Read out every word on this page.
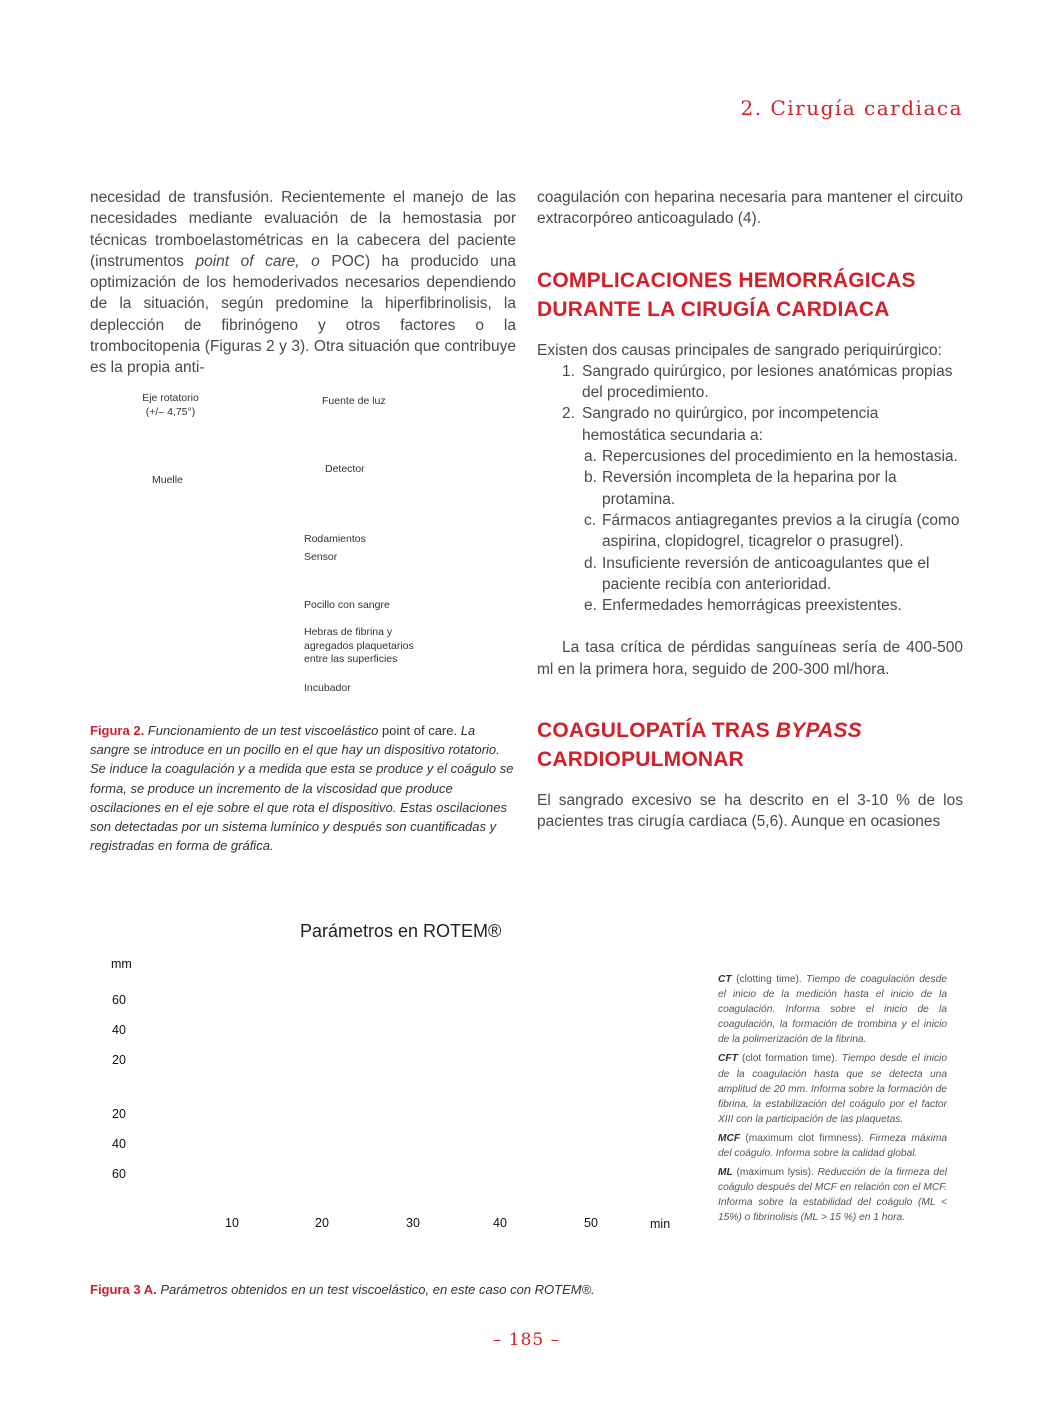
2. Cirugía cardiaca

necesidad de transfusión. Recientemente el manejo de las necesidades mediante evaluación de la hemostasia por técnicas tromboelastométricas en la cabecera del paciente (instrumentos point of care, o POC) ha producido una optimización de los hemoderivados necesarios dependiendo de la situación, según predomine la hiperfibrinolisis, la deplección de fibrinógeno y otros factores o la trombocitopenia (Figuras 2 y 3). Otra situación que contribuye es la propia anti-

Eje rotatorio
(+/– 4,75°)
Fuente de luz
Muelle
Detector
Rodamientos
Sensor
Pocillo con sangre
Hebras de fibrina y
agregados plaquetarios
entre las superficies
Incubador
Figura 2. Funcionamiento de un test viscoelástico point of care. La sangre se introduce en un pocillo en el que hay un dispositivo rotatorio. Se induce la coagulación y a medida que esta se produce y el coágulo se forma, se produce un incremento de la viscosidad que produce oscilaciones en el eje sobre el que rota el dispositivo. Estas oscilaciones son detectadas por un sistema lumínico y después son cuantificadas y registradas en forma de gráfica.

coagulación con heparina necesaria para mantener el circuito extracorpóreo anticoagulado (4).

COMPLICACIONES HEMORRÁGICAS
DURANTE LA CIRUGÍA CARDIACA

Existen dos causas principales de sangrado periquirúrgico:

1. Sangrado quirúrgico, por lesiones anatómicas propias del procedimiento.
2. Sangrado no quirúrgico, por incompetencia hemostática secundaria a:
a. Repercusiones del procedimiento en la hemostasia.
b. Reversión incompleta de la heparina por la protamina.
c. Fármacos antiagregantes previos a la cirugía (como aspirina, clopidogrel, ticagrelor o prasugrel).
d. Insuficiente reversión de anticoagulantes que el paciente recibía con anterioridad.
e. Enfermedades hemorrágicas preexistentes.

La tasa crítica de pérdidas sanguíneas sería de 400-500 ml en la primera hora, seguido de 200-300 ml/hora.

COAGULOPATÍA TRAS BYPASS
CARDIOPULMONAR

El sangrado excesivo se ha descrito en el 3-10 % de los pacientes tras cirugía cardiaca (5,6). Aunque en ocasiones

Parámetros en ROTEM®
mm
60
40
20
20
40
60
10	20	30	40	50	min
CT (clotting time). Tiempo de coagulación desde el inicio de la medición hasta el inicio de la coagulación. Informa sobre el inicio de la coagulación, la formación de trombina y el inicio de la polimerización de la fibrina.
CFT (clot formation time). Tiempo desde el inicio de la coagulación hasta que se detecta una amplitud de 20 mm. Informa sobre la formación de fibrina, la estabilización del coágulo por el factor XIII con la participación de las plaquetas.
MCF (maximum clot firmness). Firmeza máxima del coágulo. Informa sobre la calidad global.
ML (maximum lysis). Reducción de la firmeza del coágulo después del MCF en relación con el MCF. Informa sobre la estabilidad del coágulo (ML < 15%) o fibrinolisis (ML > 15 %) en 1 hora.
Figura 3 A. Parámetros obtenidos en un test viscoelástico, en este caso con ROTEM®.
– 185 –
